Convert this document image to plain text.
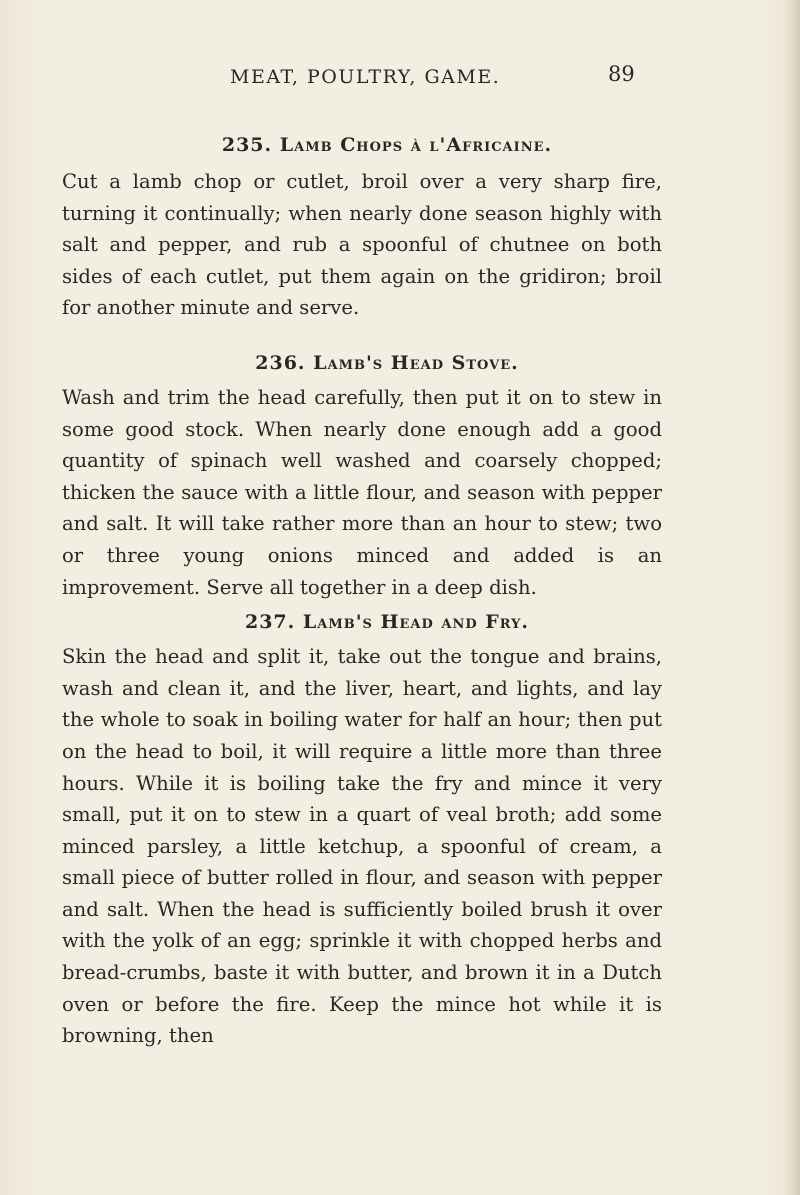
MEAT, POULTRY, GAME.	89
235. Lamb Chops à l'Africaine.

Cut a lamb chop or cutlet, broil over a very sharp fire, turning it continually; when nearly done season highly with salt and pepper, and rub a spoonful of chutnee on both sides of each cutlet, put them again on the gridiron; broil for another minute and serve.

236. Lamb's Head Stove.

Wash and trim the head carefully, then put it on to stew in some good stock. When nearly done enough add a good quantity of spinach well washed and coarsely chopped; thicken the sauce with a little flour, and season with pepper and salt. It will take rather more than an hour to stew; two or three young onions minced and added is an improvement. Serve all together in a deep dish.

237. Lamb's Head and Fry.

Skin the head and split it, take out the tongue and brains, wash and clean it, and the liver, heart, and lights, and lay the whole to soak in boiling water for half an hour; then put on the head to boil, it will require a little more than three hours. While it is boiling take the fry and mince it very small, put it on to stew in a quart of veal broth; add some minced parsley, a little ketchup, a spoonful of cream, a small piece of butter rolled in flour, and season with pepper and salt. When the head is sufficiently boiled brush it over with the yolk of an egg; sprinkle it with chopped herbs and bread-crumbs, baste it with butter, and brown it in a Dutch oven or before the fire. Keep the mince hot while it is browning, then
